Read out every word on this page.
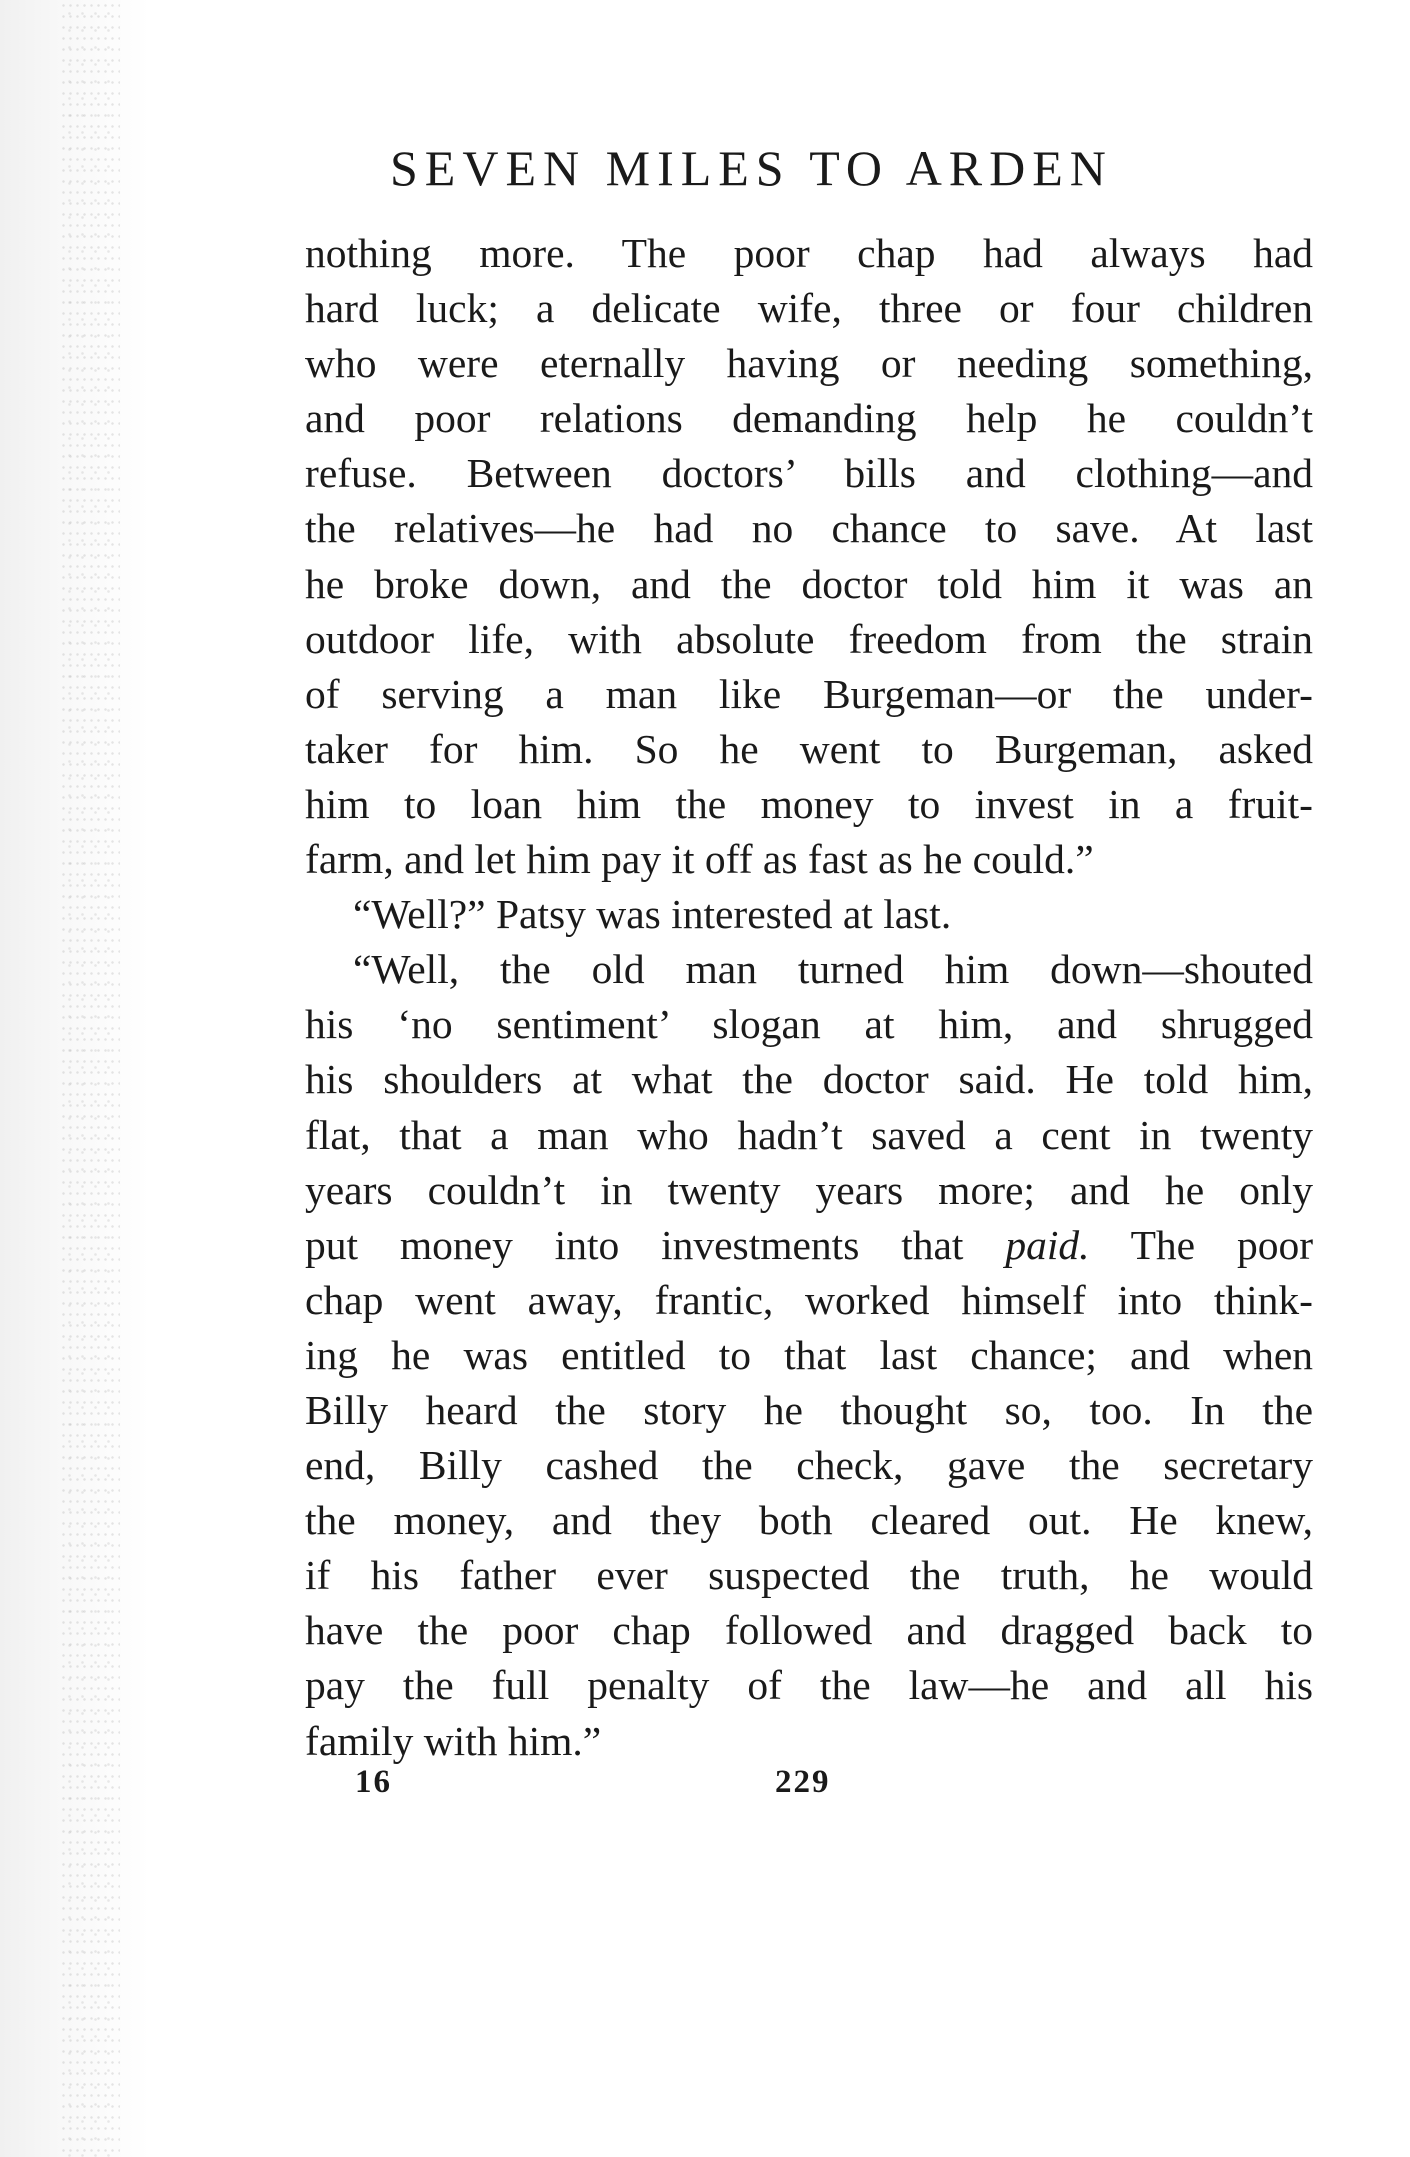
SEVEN MILES TO ARDEN
nothing more. The poor chap had always had
hard luck; a delicate wife, three or four children
who were eternally having or needing something,
and poor relations demanding help he couldn’t
refuse. Between doctors’ bills and clothing—and
the relatives—he had no chance to save. At last
he broke down, and the doctor told him it was an
outdoor life, with absolute freedom from the strain
of serving a man like Burgeman—or the under-
taker for him. So he went to Burgeman, asked
him to loan him the money to invest in a fruit-
farm, and let him pay it off as fast as he could.”
“Well?” Patsy was interested at last.
“Well, the old man turned him down—shouted
his ‘no sentiment’ slogan at him, and shrugged
his shoulders at what the doctor said. He told him,
flat, that a man who hadn’t saved a cent in twenty
years couldn’t in twenty years more; and he only
put money into investments that paid. The poor
chap went away, frantic, worked himself into think-
ing he was entitled to that last chance; and when
Billy heard the story he thought so, too. In the
end, Billy cashed the check, gave the secretary
the money, and they both cleared out. He knew,
if his father ever suspected the truth, he would
have the poor chap followed and dragged back to
pay the full penalty of the law—he and all his
family with him.”
16	229
